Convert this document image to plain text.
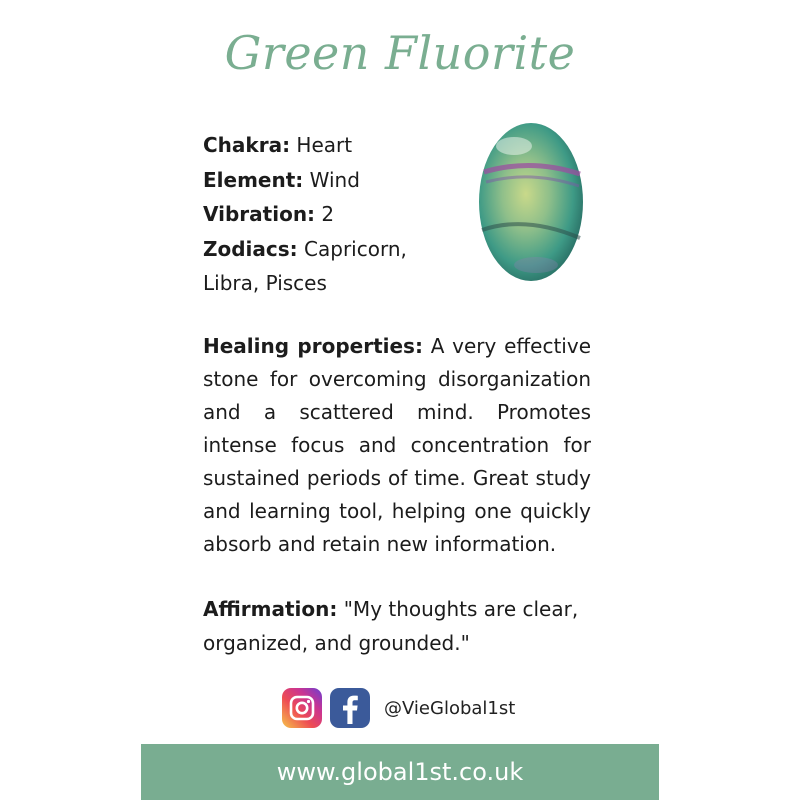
Green Fluorite
Chakra: Heart
Element: Wind
Vibration: 2
Zodiacs: Capricorn,
Libra, Pisces
Healing properties: A very effective stone for overcoming disorganization and a scattered mind. Promotes intense focus and concentration for sustained periods of time. Great study and learning tool, helping one quickly absorb and retain new information.
Affirmation: "My thoughts are clear, organized, and grounded."
@VieGlobal1st
www.global1st.co.uk
